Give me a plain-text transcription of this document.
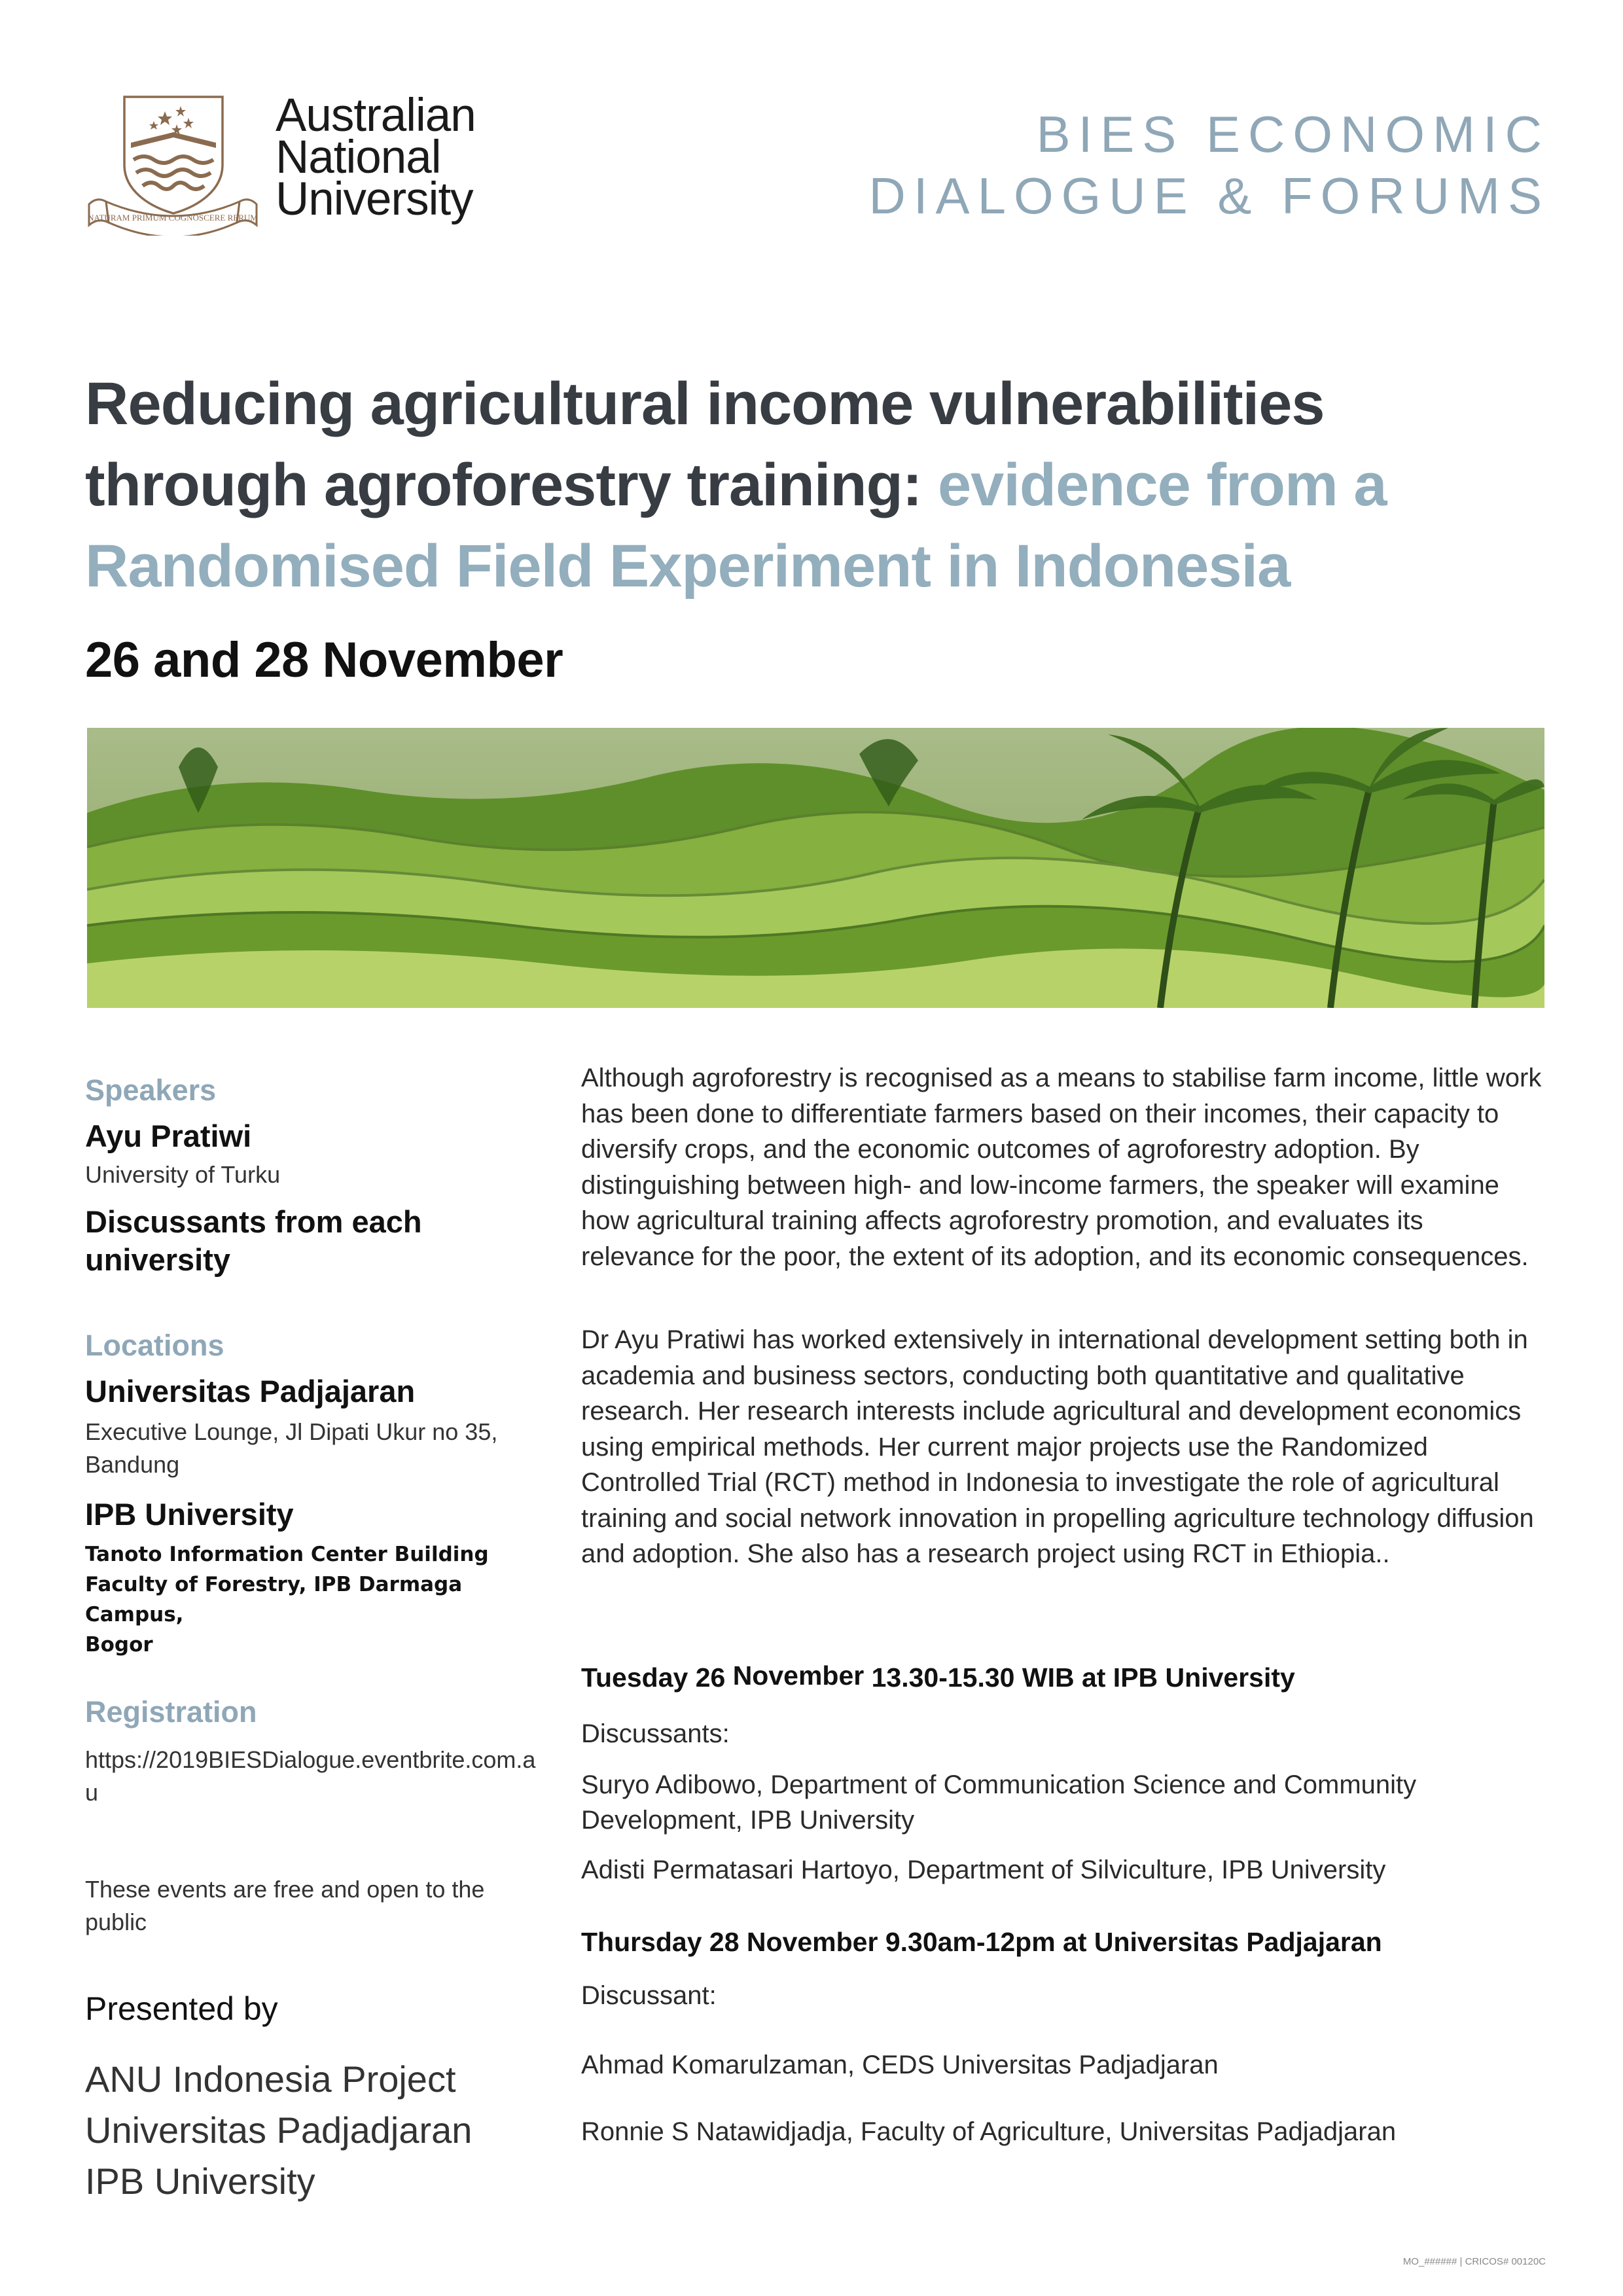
NATURAM PRIMUM COGNOSCERE RERUM
Australian
National
University
BIES ECONOMIC
DIALOGUE & FORUMS
Reducing agricultural income vulnerabilities through agroforestry training: evidence from a Randomised Field Experiment in Indonesia
26 and 28 November
Speakers
Ayu Pratiwi
University of Turku
Discussants from each university
Locations
Universitas Padjajaran
Executive Lounge, Jl Dipati Ukur no 35, Bandung
IPB University
Tanoto Information Center Building
Faculty of Forestry, IPB Darmaga Campus,
Bogor
Registration
https://2019BIESDialogue.eventbrite.com.au
These events are free and open to the public
Presented by
ANU Indonesia Project
Universitas Padjadjaran
IPB University
Although agroforestry is recognised as a means to stabilise farm income, little work has been done to differentiate farmers based on their incomes, their capacity to diversify crops, and the economic outcomes of agroforestry adoption. By distinguishing between high- and low-income farmers, the speaker will examine how agricultural training affects agroforestry promotion, and evaluates its relevance for the poor, the extent of its adoption, and its economic consequences.
Dr Ayu Pratiwi has worked extensively in international development setting both in academia and business sectors, conducting both quantitative and qualitative research. Her research interests include agricultural and development economics using empirical methods. Her current major projects use the Randomized Controlled Trial (RCT) method in Indonesia to investigate the role of agricultural training and social network innovation in propelling agriculture technology diffusion and adoption. She also has a research project using RCT in Ethiopia..
Tuesday 26 November 13.30-15.30 WIB at IPB University
Discussants:
Suryo Adibowo, Department of Communication Science and Community Development, IPB University
Adisti Permatasari Hartoyo, Department of Silviculture, IPB University
Thursday 28 November 9.30am-12pm at Universitas Padjajaran
Discussant:
Ahmad Komarulzaman, CEDS Universitas Padjadjaran
Ronnie S Natawidjadja, Faculty of Agriculture, Universitas Padjadjaran
MO_###### | CRICOS# 00120C
